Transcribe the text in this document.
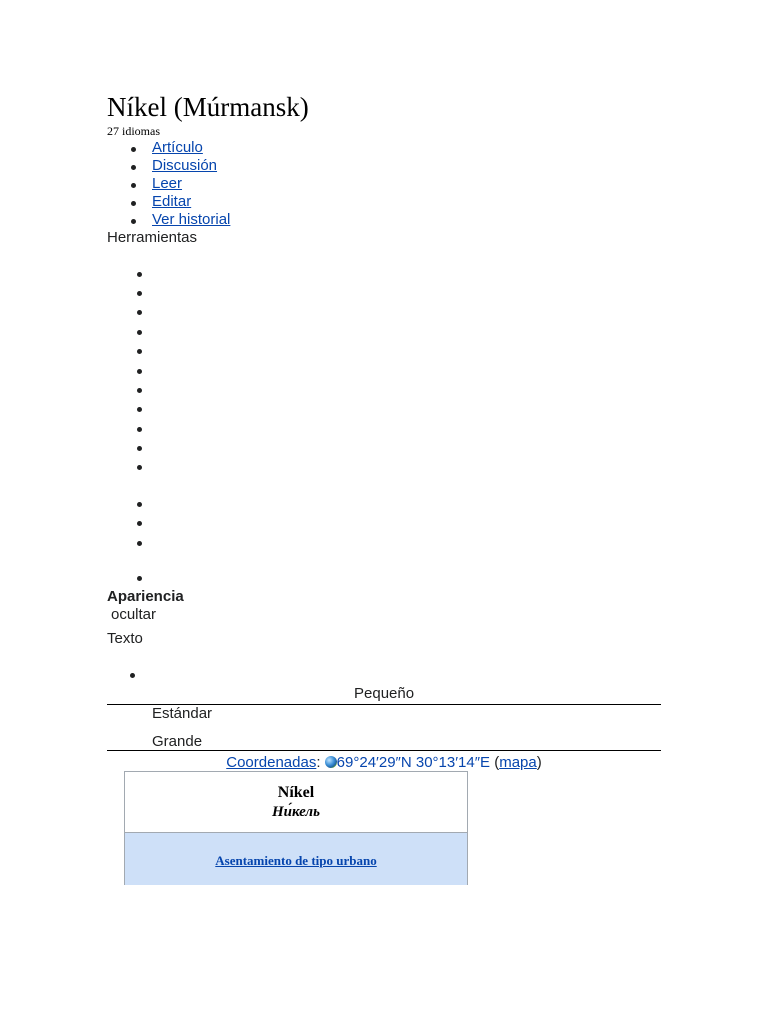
Níkel (Múrmansk)
27 idiomas
Artículo
Discusión
Leer
Editar
Ver historial
Herramientas
Apariencia
ocultar
Texto
Pequeño
Estándar
Grande
Coordenadas: 69°24′29″N 30°13′14″E (mapa)
Níkel
Ни́кель
Asentamiento de tipo urbano
